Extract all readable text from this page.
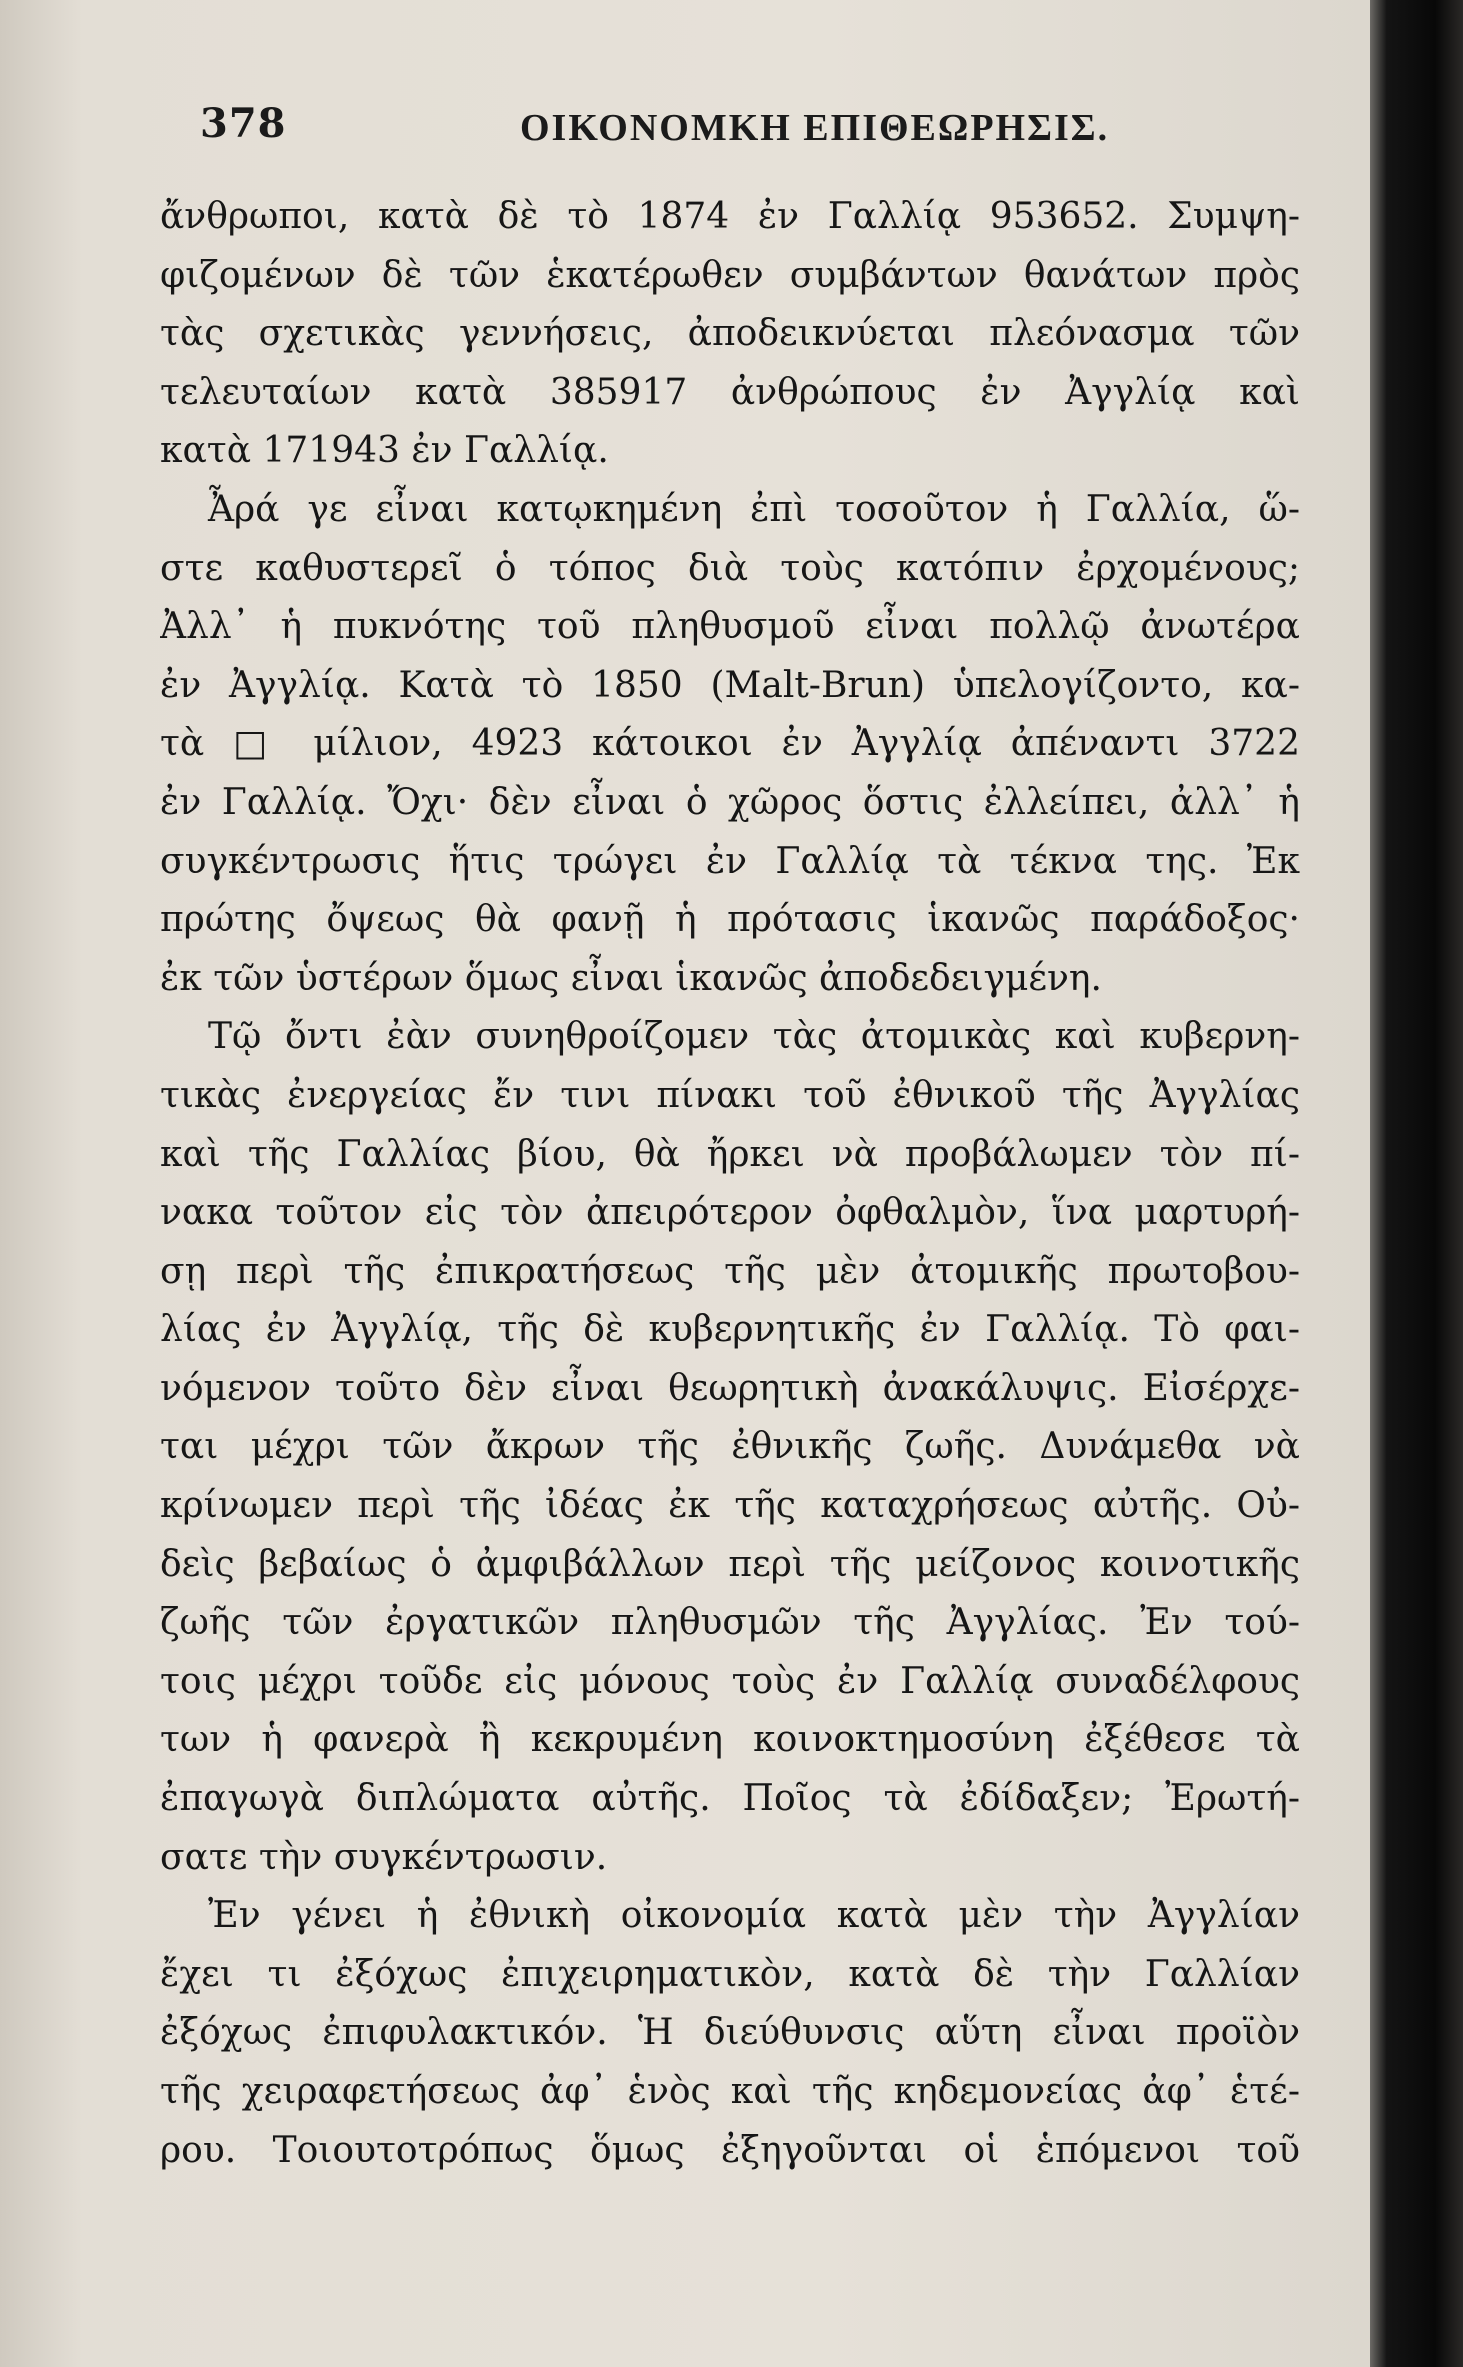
378	ΟΙΚΟΝΟΜΚΗ ΕΠΙΘΕΩΡΗΣΙΣ.
ἄνθρωποι, κατὰ δὲ τὸ 1874 ἐν Γαλλίᾳ 953652. Συμψη-
φιζομένων δὲ τῶν ἑκατέρωθεν συμβάντων θανάτων πρὸς
τὰς σχετικὰς γεννήσεις, ἀποδεικνύεται πλεόνασμα τῶν
τελευταίων κατὰ 385917 ἀνθρώπους ἐν Ἀγγλίᾳ καὶ
κατὰ 171943 ἐν Γαλλίᾳ.
Ἆρά γε εἶναι κατῳκημένη ἐπὶ τοσοῦτον ἡ Γαλλία, ὥ-
στε καθυστερεῖ ὁ τόπος διὰ τοὺς κατόπιν ἐρχομένους;
Ἀλλ᾽ ἡ πυκνότης τοῦ πληθυσμοῦ εἶναι πολλῷ ἀνωτέρα
ἐν Ἀγγλίᾳ. Κατὰ τὸ 1850 (Malt-Brun) ὑπελογίζοντο, κα-
τὰ □ μίλιον, 4923 κάτοικοι ἐν Ἀγγλίᾳ ἀπέναντι 3722
ἐν Γαλλίᾳ. Ὄχι· δὲν εἶναι ὁ χῶρος ὅστις ἐλλείπει, ἀλλ᾽ ἡ
συγκέντρωσις ἥτις τρώγει ἐν Γαλλίᾳ τὰ τέκνα της. Ἐκ
πρώτης ὄψεως θὰ φανῇ ἡ πρότασις ἱκανῶς παράδοξος·
ἐκ τῶν ὑστέρων ὅμως εἶναι ἱκανῶς ἀποδεδειγμένη.
Τῷ ὄντι ἐὰν συνηθροίζομεν τὰς ἀτομικὰς καὶ κυβερνη-
τικὰς ἐνεργείας ἔν τινι πίνακι τοῦ ἐθνικοῦ τῆς Ἀγγλίας
καὶ τῆς Γαλλίας βίου, θὰ ἤρκει νὰ προβάλωμεν τὸν πί-
νακα τοῦτον εἰς τὸν ἀπειρότερον ὀφθαλμὸν, ἵνα μαρτυρή-
σῃ περὶ τῆς ἐπικρατήσεως τῆς μὲν ἀτομικῆς πρωτοβου-
λίας ἐν Ἀγγλίᾳ, τῆς δὲ κυβερνητικῆς ἐν Γαλλίᾳ. Τὸ φαι-
νόμενον τοῦτο δὲν εἶναι θεωρητικὴ ἀνακάλυψις. Εἰσέρχε-
ται μέχρι τῶν ἄκρων τῆς ἐθνικῆς ζωῆς. Δυνάμεθα νὰ
κρίνωμεν περὶ τῆς ἰδέας ἐκ τῆς καταχρήσεως αὐτῆς. Οὐ-
δεὶς βεβαίως ὁ ἀμφιβάλλων περὶ τῆς μείζονος κοινοτικῆς
ζωῆς τῶν ἐργατικῶν πληθυσμῶν τῆς Ἀγγλίας. Ἐν τού-
τοις μέχρι τοῦδε εἰς μόνους τοὺς ἐν Γαλλίᾳ συναδέλφους
των ἡ φανερὰ ἢ κεκρυμένη κοινοκτημοσύνη ἐξέθεσε τὰ
ἐπαγωγὰ διπλώματα αὐτῆς. Ποῖος τὰ ἐδίδαξεν; Ἐρωτή-
σατε τὴν συγκέντρωσιν.
Ἐν γένει ἡ ἐθνικὴ οἰκονομία κατὰ μὲν τὴν Ἀγγλίαν
ἔχει τι ἐξόχως ἐπιχειρηματικὸν, κατὰ δὲ τὴν Γαλλίαν
ἐξόχως ἐπιφυλακτικόν. Ἡ διεύθυνσις αὕτη εἶναι προϊὸν
τῆς χειραφετήσεως ἀφ᾽ ἑνὸς καὶ τῆς κηδεμονείας ἀφ᾽ ἑτέ-
ρου. Τοιουτοτρόπως ὅμως ἐξηγοῦνται οἱ ἑπόμενοι τοῦ
